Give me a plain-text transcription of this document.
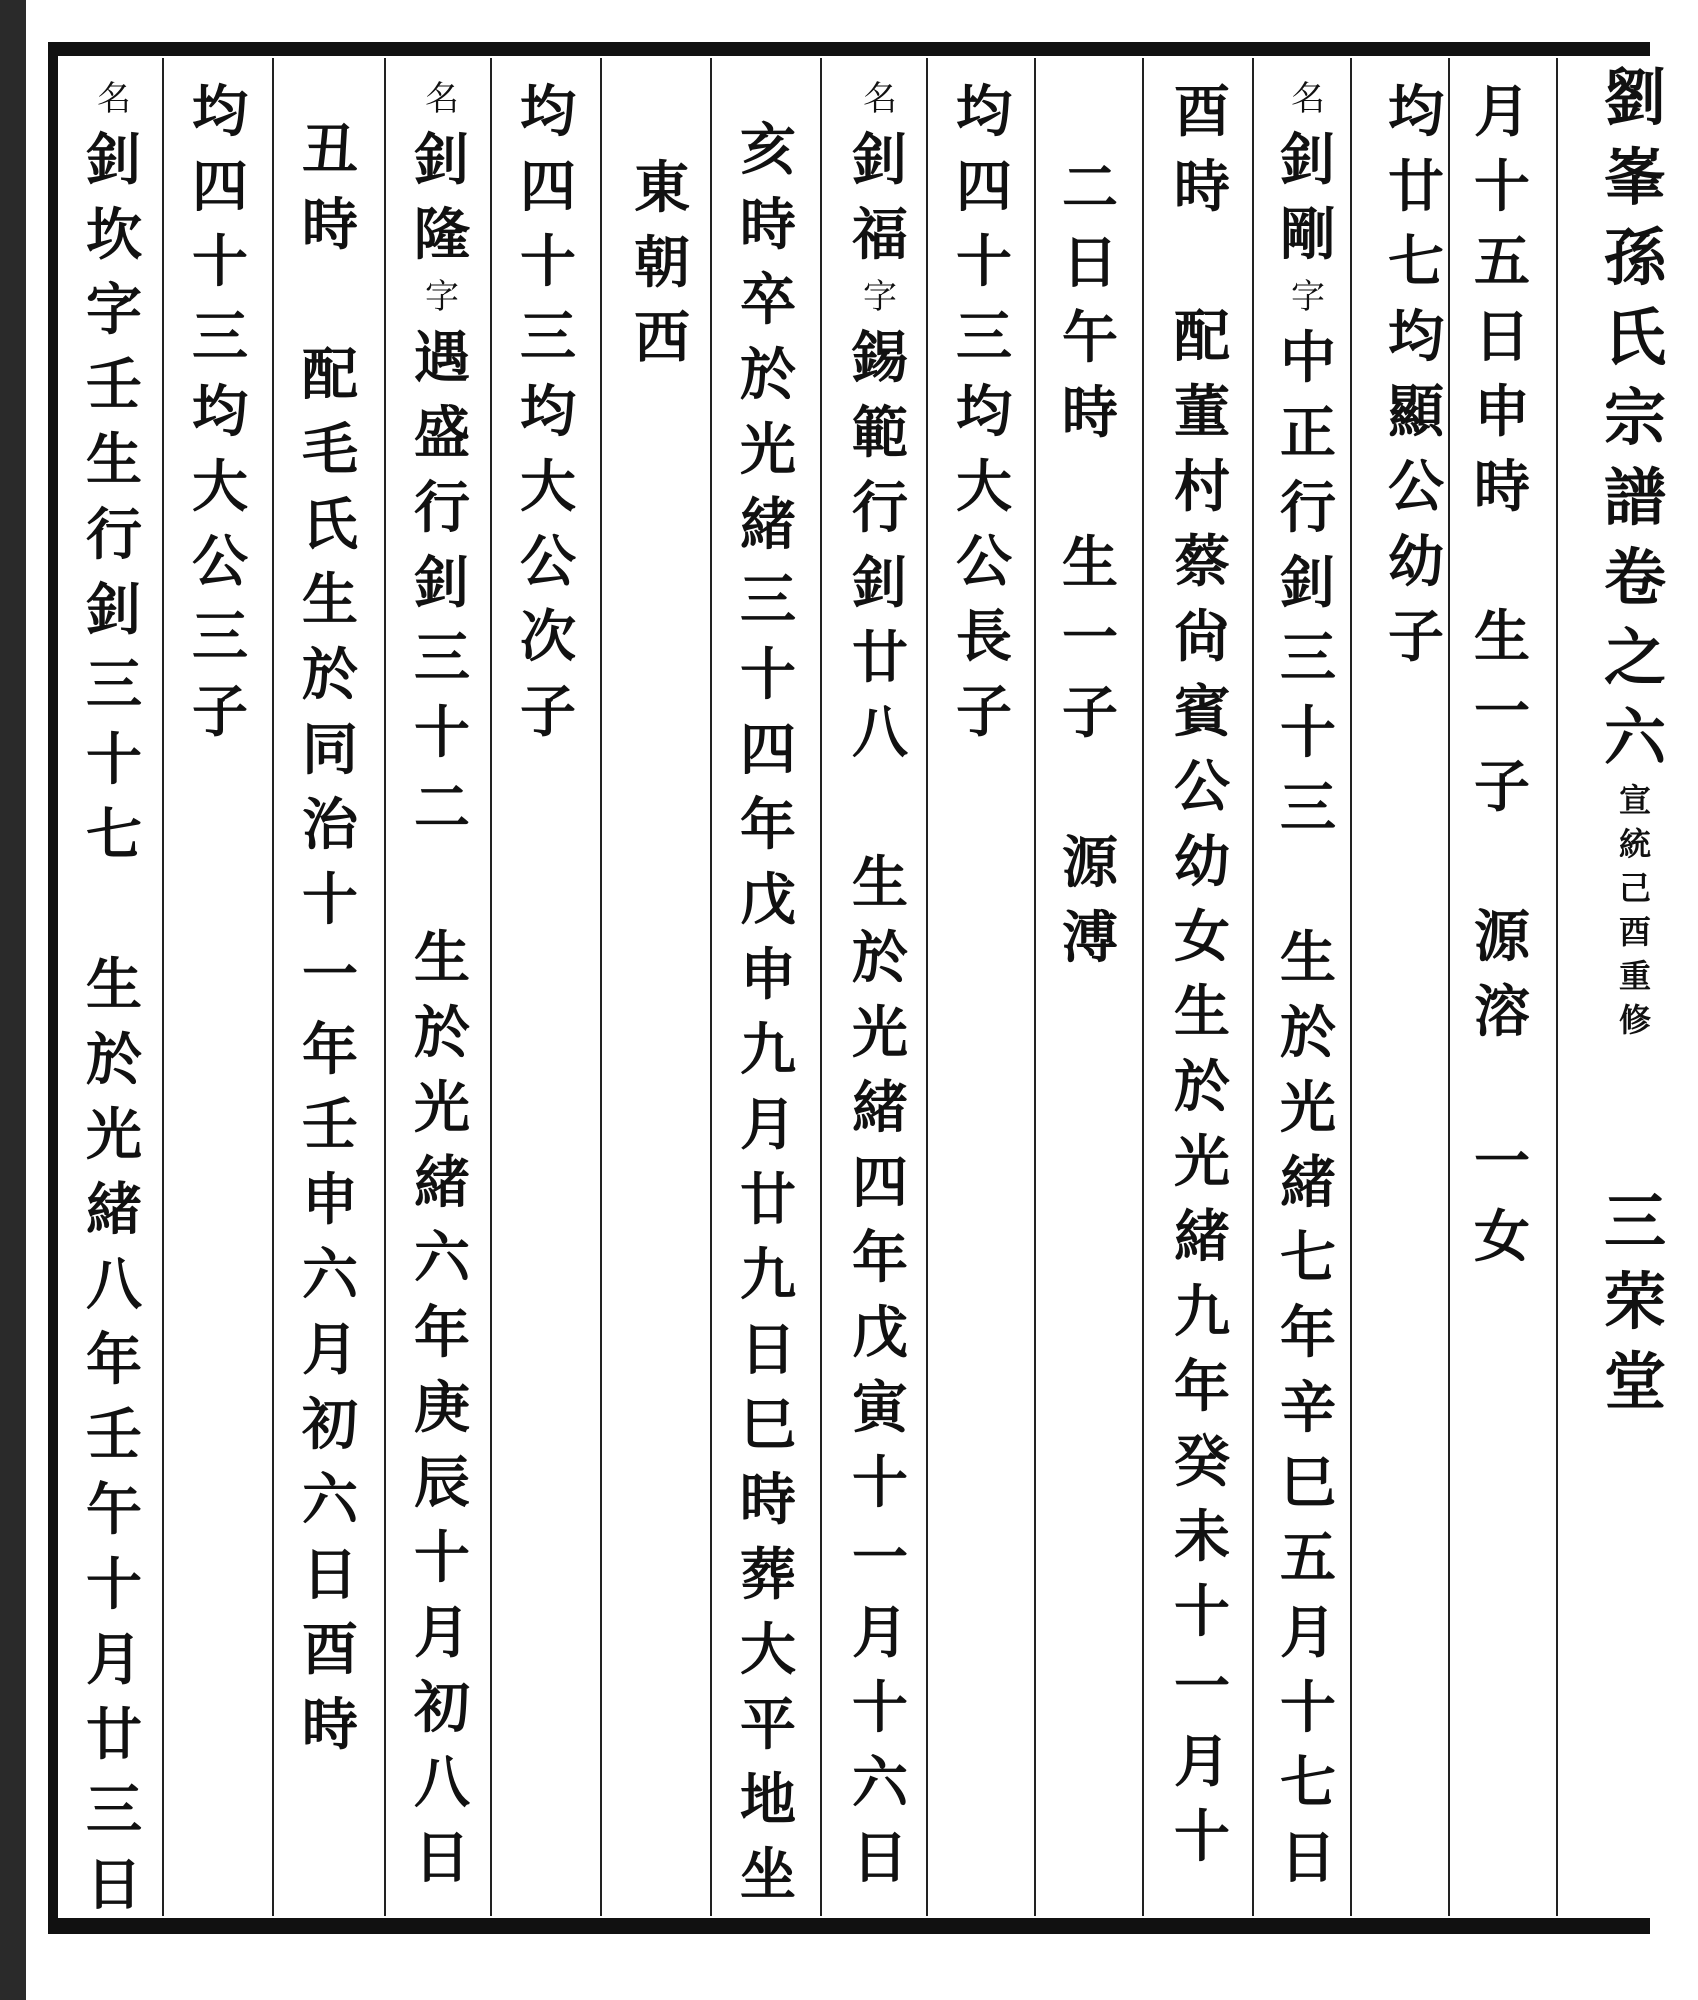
月
十
五
日
申
時
生
一
子
源
溶
一
女
均
廿
七
均
顯
公
幼
子
名
釗
剛
字
中
正
行
釗
三
十
三
生
於
光
緒
七
年
辛
巳
五
月
十
七
日
酉
時
配
董
村
蔡
尙
賓
公
幼
女
生
於
光
緒
九
年
癸
未
十
一
月
十
二
日
午
時
生
一
子
源
溥
均
四
十
三
均
大
公
長
子
名
釗
福
字
錫
範
行
釗
廿
八
生
於
光
緒
四
年
戊
寅
十
一
月
十
六
日
亥
時
卒
於
光
緒
三
十
四
年
戊
申
九
月
廿
九
日
巳
時
葬
大
平
地
坐
東
朝
西
均
四
十
三
均
大
公
次
子
名
釗
隆
字
遇
盛
行
釗
三
十
二
生
於
光
緒
六
年
庚
辰
十
月
初
八
日
丑
時
配
毛
氏
生
於
同
治
十
一
年
壬
申
六
月
初
六
日
酉
時
均
四
十
三
均
大
公
三
子
名
釗
坎
字
壬
生
行
釗
三
十
七
生
於
光
緒
八
年
壬
午
十
月
廿
三
日
劉
峯
孫
氏
宗
譜
卷
之
六
宣
統
己
酉
重
修
三
荣
堂
